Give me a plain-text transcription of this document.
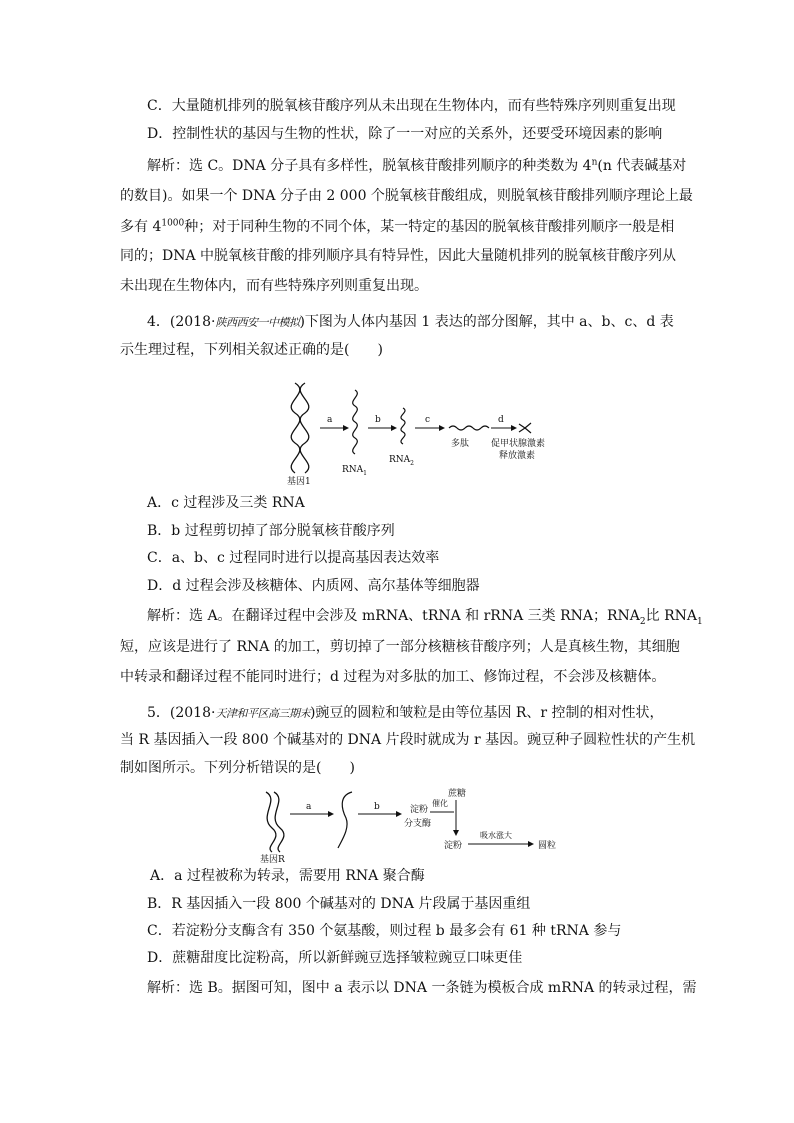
C．大量随机排列的脱氧核苷酸序列从未出现在生物体内，而有些特殊序列则重复出现
D．控制性状的基因与生物的性状，除了一一对应的关系外，还要受环境因素的影响
解析：选 C。DNA 分子具有多样性，脱氧核苷酸排列顺序的种类数为 4$^n$(n 代表碱基对
的数目)。如果一个 DNA 分子由 2 000 个脱氧核苷酸组成，则脱氧核苷酸排列顺序理论上最
多有 $4^{1000}$种；对于同种生物的不同个体，某一特定的基因的脱氧核苷酸排列顺序一般是相
同的；DNA 中脱氧核苷酸的排列顺序具有特异性，因此大量随机排列的脱氧核苷酸序列从
未出现在生物体内，而有些特殊序列则重复出现。
4．(2018·陕西西安一中模拟)下图为人体内基因 1 表达的部分图解，其中 a、b、c、d 表
示生理过程，下列相关叙述正确的是(　　)
a
$RNA_1$
b
$RNA_2$
c
多肽
d
促甲状腺激素
释放激素
基因1
A．c 过程涉及三类 RNA
B．b 过程剪切掉了部分脱氧核苷酸序列
C．a、b、c 过程同时进行以提高基因表达效率
D．d 过程会涉及核糖体、内质网、高尔基体等细胞器
解析：选 A。在翻译过程中会涉及 mRNA、tRNA 和 rRNA 三类 RNA；$RNA_2$比 $RNA_1$
短，应该是进行了 RNA 的加工，剪切掉了一部分核糖核苷酸序列；人是真核生物，其细胞
中转录和翻译过程不能同时进行；d 过程为对多肽的加工、修饰过程，不会涉及核糖体。
5．(2018·天津和平区高三期末)豌豆的圆粒和皱粒是由等位基因 R、r 控制的相对性状，
当 R 基因插入一段 800 个碱基对的 DNA 片段时就成为 r 基因。豌豆种子圆粒性状的产生机
制如图所示。下列分析错误的是(　　)
基因R
a	b	淀粉
分支酶
催化
蔗糖
淀粉
吸水涨大
圆粒
A．a 过程被称为转录，需要用 RNA 聚合酶
B．R 基因插入一段 800 个碱基对的 DNA 片段属于基因重组
C．若淀粉分支酶含有 350 个氨基酸，则过程 b 最多会有 61 种 tRNA 参与
D．蔗糖甜度比淀粉高，所以新鲜豌豆选择皱粒豌豆口味更佳
解析：选 B。据图可知，图中 a 表示以 DNA 一条链为模板合成 mRNA 的转录过程，需
